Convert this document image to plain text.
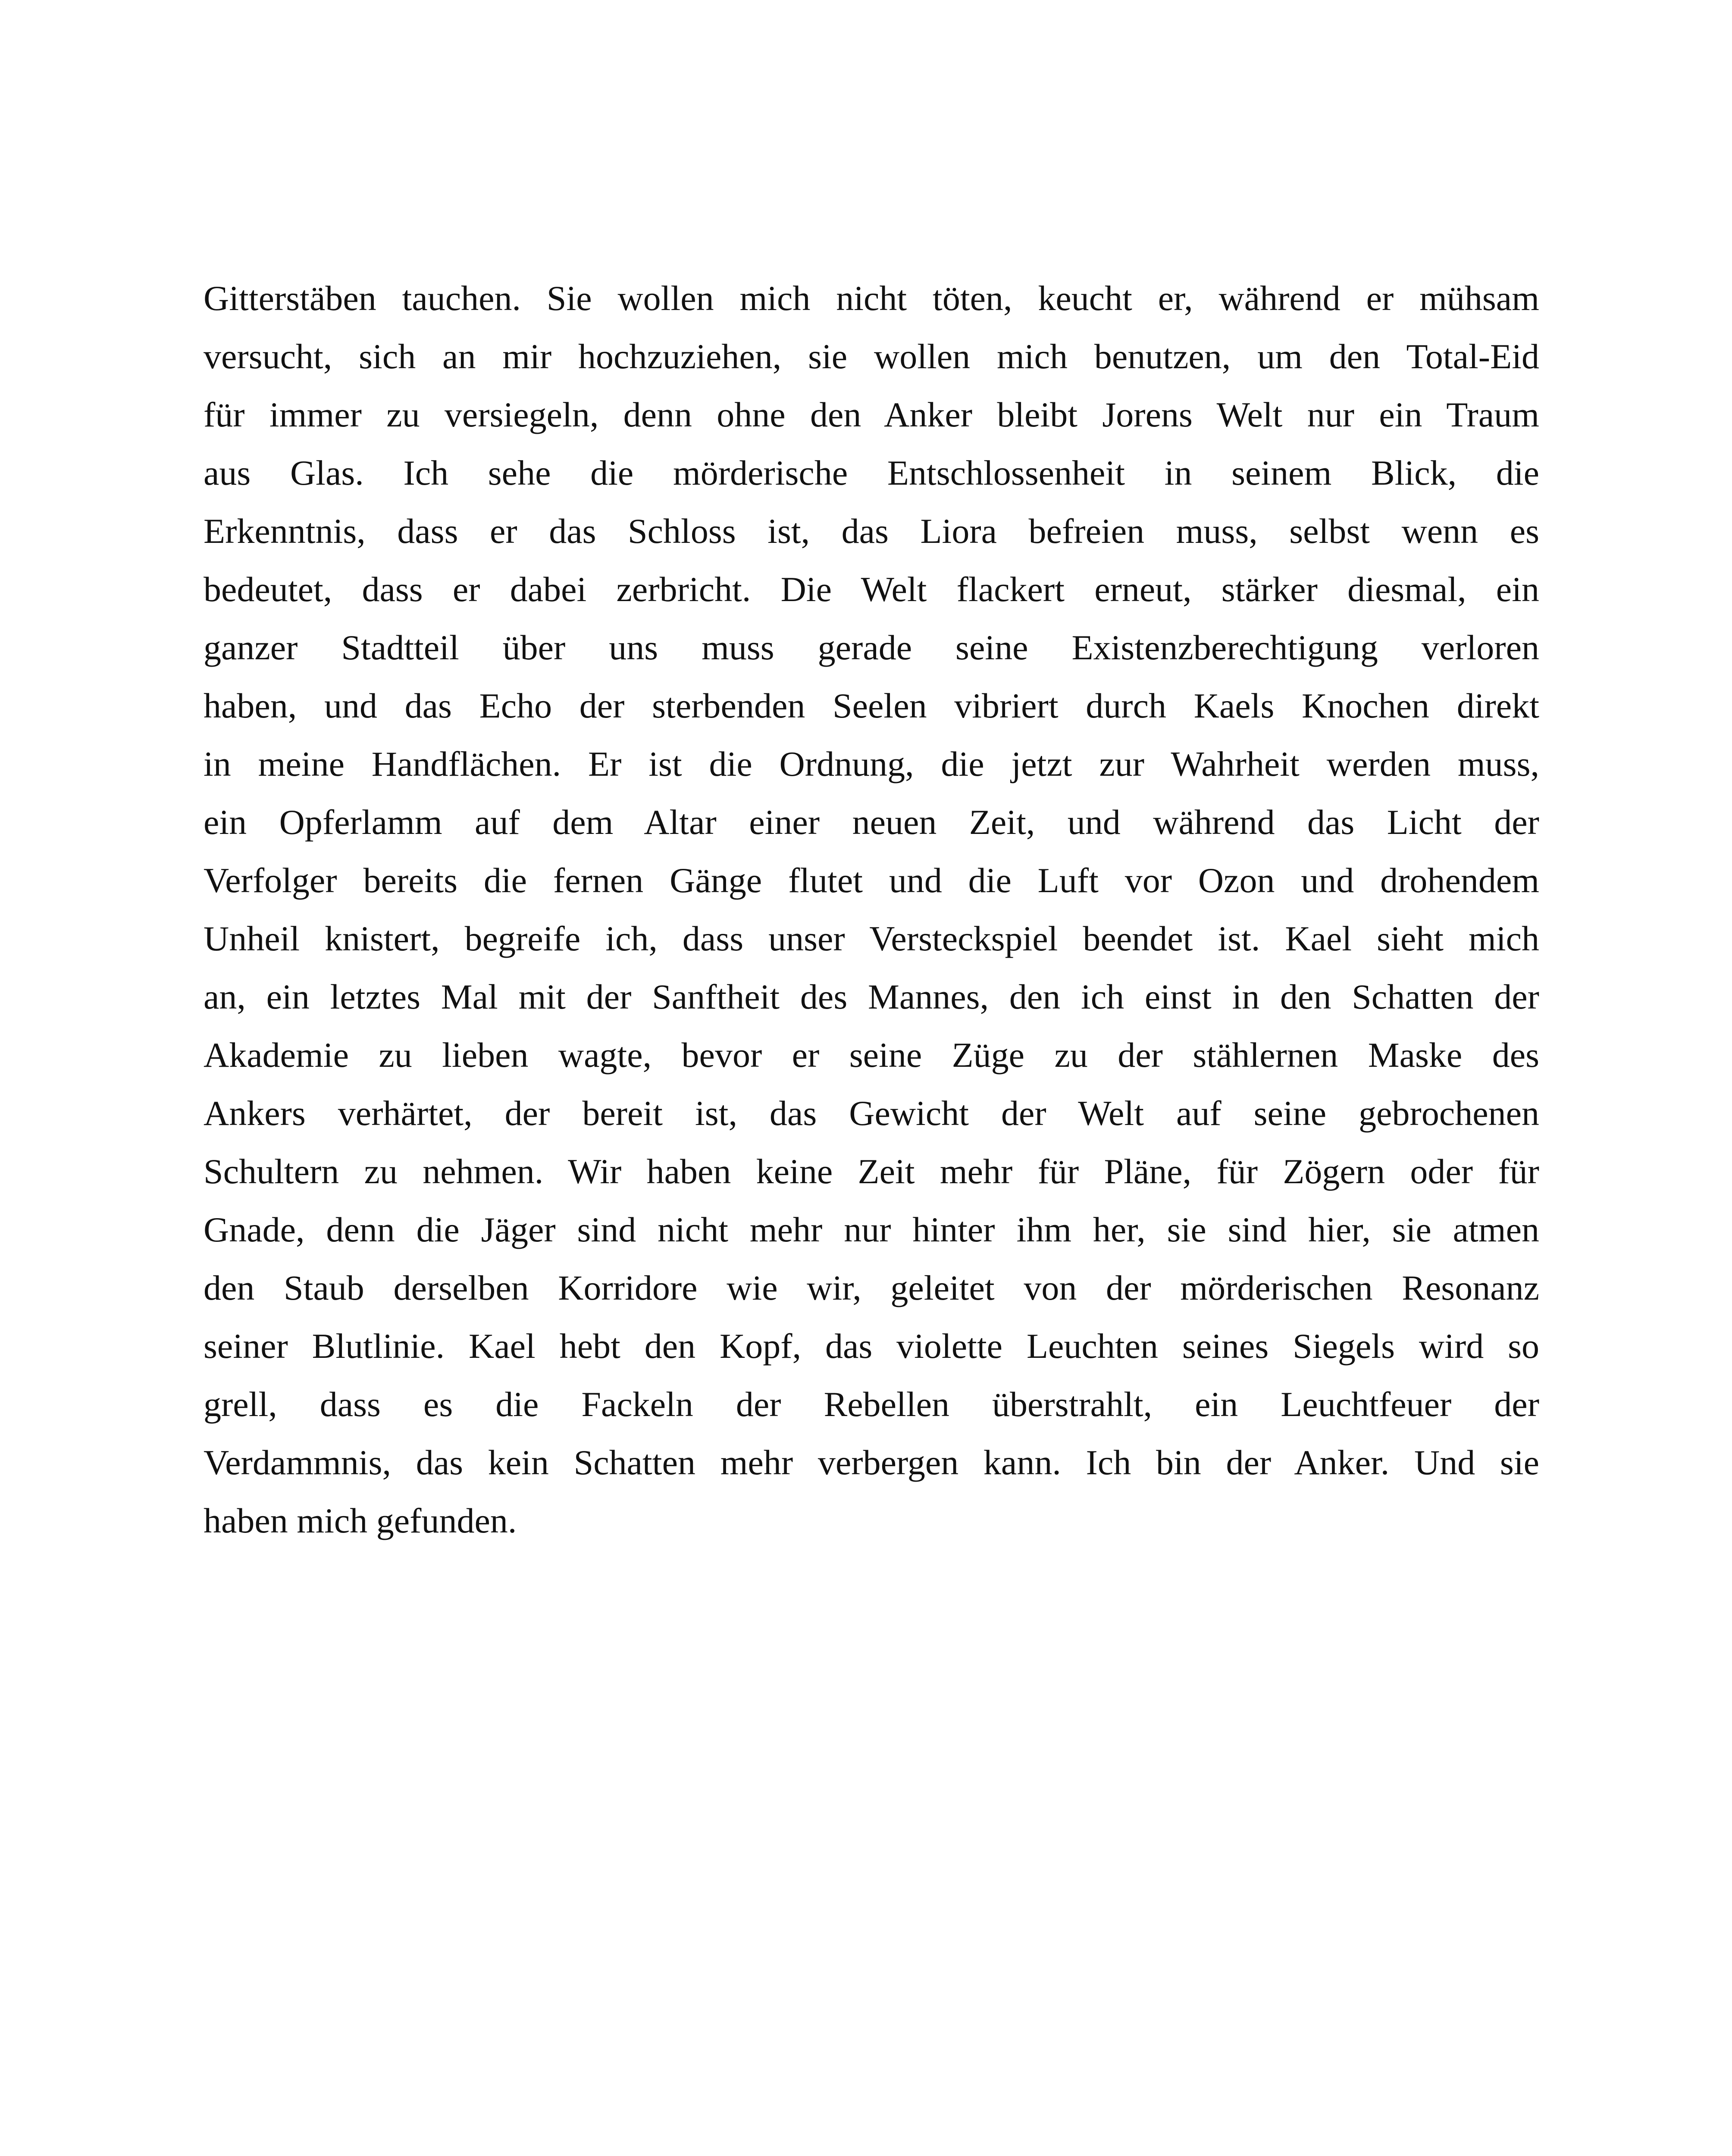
Gitterstäben tauchen. Sie wollen mich nicht töten, keucht er, während er mühsam
versucht, sich an mir hochzuziehen, sie wollen mich benutzen, um den Total-Eid
für immer zu versiegeln, denn ohne den Anker bleibt Jorens Welt nur ein Traum
aus Glas. Ich sehe die mörderische Entschlossenheit in seinem Blick, die
Erkenntnis, dass er das Schloss ist, das Liora befreien muss, selbst wenn es
bedeutet, dass er dabei zerbricht. Die Welt flackert erneut, stärker diesmal, ein
ganzer Stadtteil über uns muss gerade seine Existenzberechtigung verloren
haben, und das Echo der sterbenden Seelen vibriert durch Kaels Knochen direkt
in meine Handflächen. Er ist die Ordnung, die jetzt zur Wahrheit werden muss,
ein Opferlamm auf dem Altar einer neuen Zeit, und während das Licht der
Verfolger bereits die fernen Gänge flutet und die Luft vor Ozon und drohendem
Unheil knistert, begreife ich, dass unser Versteckspiel beendet ist. Kael sieht mich
an, ein letztes Mal mit der Sanftheit des Mannes, den ich einst in den Schatten der
Akademie zu lieben wagte, bevor er seine Züge zu der stählernen Maske des
Ankers verhärtet, der bereit ist, das Gewicht der Welt auf seine gebrochenen
Schultern zu nehmen. Wir haben keine Zeit mehr für Pläne, für Zögern oder für
Gnade, denn die Jäger sind nicht mehr nur hinter ihm her, sie sind hier, sie atmen
den Staub derselben Korridore wie wir, geleitet von der mörderischen Resonanz
seiner Blutlinie. Kael hebt den Kopf, das violette Leuchten seines Siegels wird so
grell, dass es die Fackeln der Rebellen überstrahlt, ein Leuchtfeuer der
Verdammnis, das kein Schatten mehr verbergen kann. Ich bin der Anker. Und sie
haben mich gefunden.
